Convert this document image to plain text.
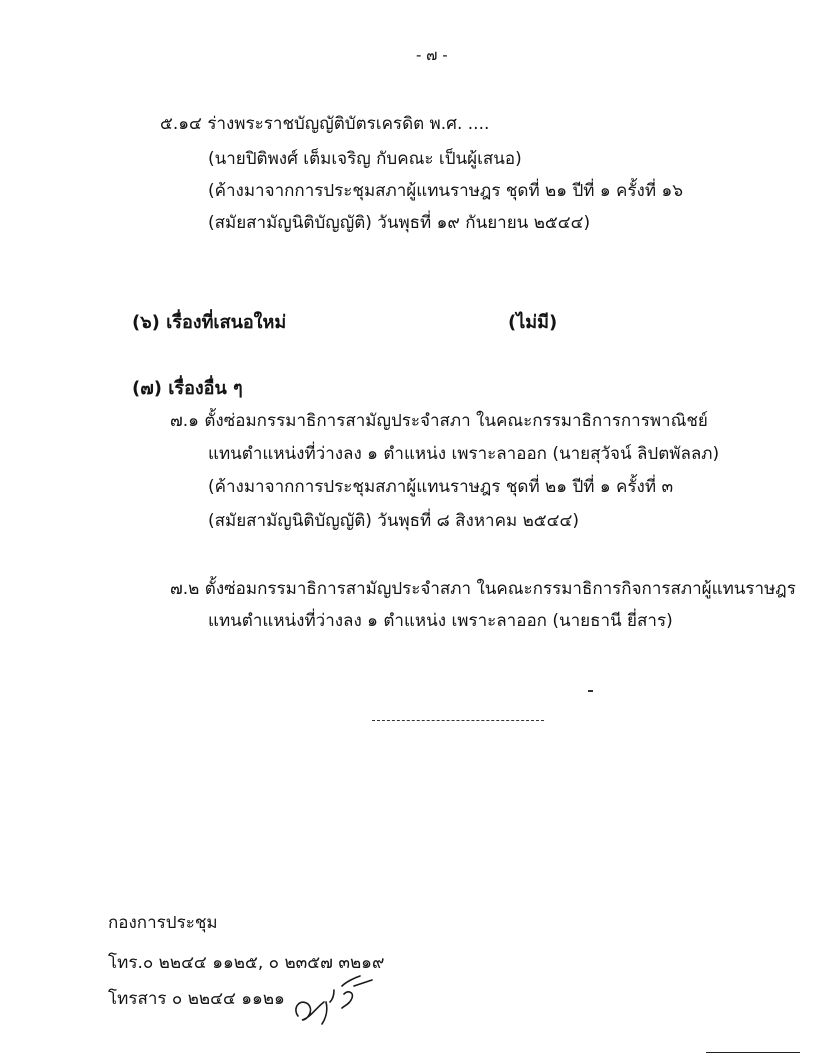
- ๗ -
๕.๑๔ ร่างพระราชบัญญัติบัตรเครดิต พ.ศ. ....
(นายปิติพงศ์ เต็มเจริญ กับคณะ เป็นผู้เสนอ)
(ค้างมาจากการประชุมสภาผู้แทนราษฎร ชุดที่ ๒๑ ปีที่ ๑ ครั้งที่ ๑๖
(สมัยสามัญนิติบัญญัติ) วันพุธที่ ๑๙ กันยายน ๒๕๔๔)
(๖) เรื่องที่เสนอใหม่	(ไม่มี)
(๗) เรื่องอื่น ๆ
๗.๑ ตั้งซ่อมกรรมาธิการสามัญประจำสภา ในคณะกรรมาธิการการพาณิชย์
แทนตำแหน่งที่ว่างลง ๑ ตำแหน่ง เพราะลาออก (นายสุวัจน์ ลิปตพัลลภ)
(ค้างมาจากการประชุมสภาผู้แทนราษฎร ชุดที่ ๒๑ ปีที่ ๑ ครั้งที่ ๓
(สมัยสามัญนิติบัญญัติ) วันพุธที่ ๘ สิงหาคม ๒๕๔๔)
๗.๒ ตั้งซ่อมกรรมาธิการสามัญประจำสภา ในคณะกรรมาธิการกิจการสภาผู้แทนราษฎร
แทนตำแหน่งที่ว่างลง ๑ ตำแหน่ง เพราะลาออก (นายธานี ยี่สาร)
กองการประชุม
โทร.๐ ๒๒๔๔ ๑๑๒๕, ๐ ๒๓๕๗ ๓๒๑๙
โทรสาร ๐ ๒๒๔๔ ๑๑๒๑
